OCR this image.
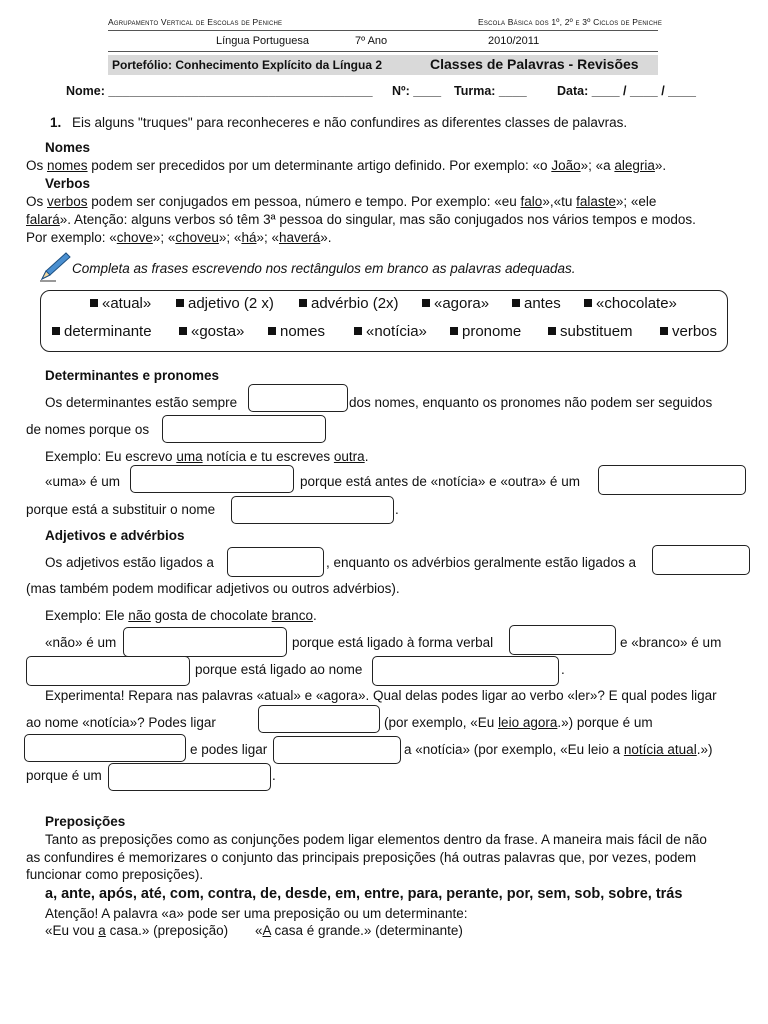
Agrupamento Vertical de Escolas de Peniche	Escola Básica dos 1º, 2º e 3º Ciclos de Peniche
Língua Portuguesa	7º Ano	2010/2011
Portefólio: Conhecimento Explícito da Língua 2	Classes de Palavras - Revisões
Nome: ______________________________________ Nº: ____ Turma: ____ Data: ____ / ____ / ____
1. Eis alguns "truques" para reconheceres e não confundires as diferentes classes de palavras.
Nomes
Os nomes podem ser precedidos por um determinante artigo definido. Por exemplo: «o João»; «a alegria».
Verbos
Os verbos podem ser conjugados em pessoa, número e tempo. Por exemplo: «eu falo»,«tu falaste»; «ele
falará». Atenção: alguns verbos só têm 3ª pessoa do singular, mas são conjugados nos vários tempos e modos.
Por exemplo: «chove»; «choveu»; «há»; «haverá».
Completa as frases escrevendo nos rectângulos em branco as palavras adequadas.
«atual»	adjetivo (2 x)	advérbio (2x)	«agora»	antes	«chocolate»
determinante	«gosta»	nomes	«notícia»	pronome	substituem	verbos
Determinantes e pronomes
Os determinantes estão sempre	dos nomes, enquanto os pronomes não podem ser seguidos
de nomes porque os
Exemplo: Eu escrevo uma notícia e tu escreves outra.
«uma» é um	porque está antes de «notícia» e «outra» é um
porque está a substituir o nome	.
Adjetivos e advérbios
Os adjetivos estão ligados a	, enquanto os advérbios geralmente estão ligados a
(mas também podem modificar adjetivos ou outros advérbios).
Exemplo: Ele não gosta de chocolate branco.
«não» é um	porque está ligado à forma verbal	e «branco» é um
porque está ligado ao nome	.
Experimenta! Repara nas palavras «atual» e «agora». Qual delas podes ligar ao verbo «ler»? E qual podes ligar
ao nome «notícia»? Podes ligar	(por exemplo, «Eu leio agora.») porque é um
e podes ligar	a «notícia» (por exemplo, «Eu leio a notícia atual.»)
porque é um	.
Preposições
Tanto as preposições como as conjunções podem ligar elementos dentro da frase. A maneira mais fácil de não
as confundires é memorizares o conjunto das principais preposições (há outras palavras que, por vezes, podem
funcionar como preposições).
a, ante, após, até, com, contra, de, desde, em, entre, para, perante, por, sem, sob, sobre, trás
Atenção! A palavra «a» pode ser uma preposição ou um determinante:
«Eu vou a casa.» (preposição) «A casa é grande.» (determinante)
